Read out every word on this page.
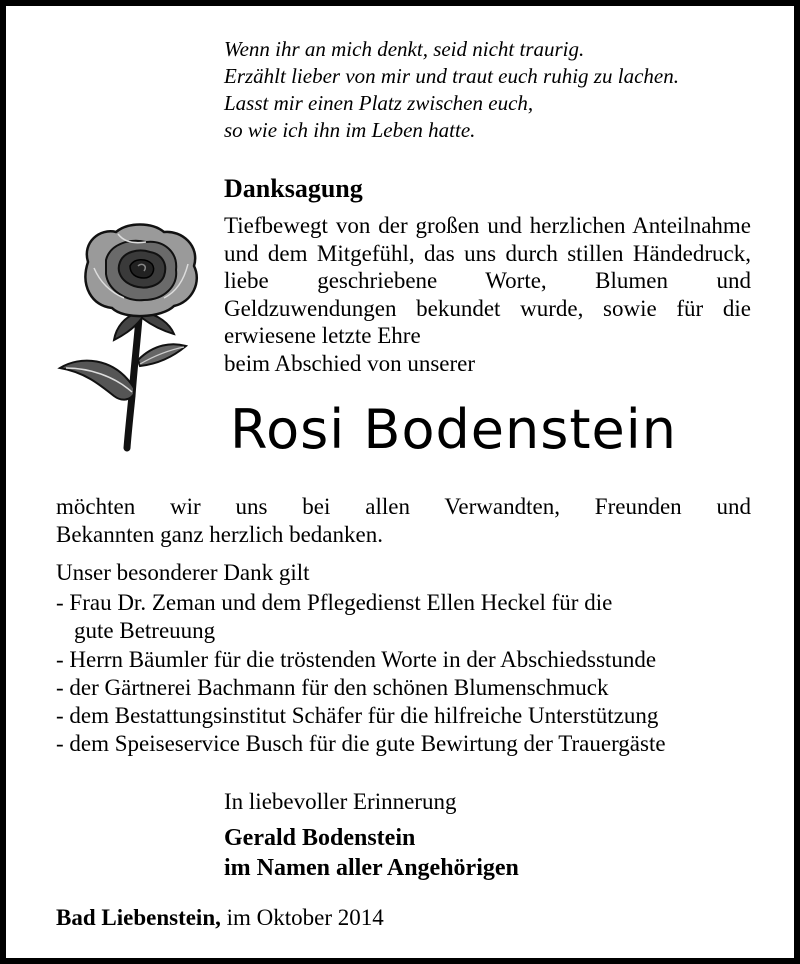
Wenn ihr an mich denkt, seid nicht traurig.
Erzählt lieber von mir und traut euch ruhig zu lachen.
Lasst mir einen Platz zwischen euch,
so wie ich ihn im Leben hatte.
Danksagung
Tiefbewegt von der großen und herzlichen Anteilnahme und dem Mitgefühl, das uns durch stillen Händedruck, liebe geschriebene Worte, Blumen und Geldzuwendungen bekundet wurde, sowie für die erwiesene letzte Ehre
beim Abschied von unserer
Rosi Bodenstein
möchten wir uns bei allen Verwandten, Freunden und
Bekannten ganz herzlich bedanken.
Unser besonderer Dank gilt
- Frau Dr. Zeman und dem Pflegedienst Ellen Heckel für die
gute Betreuung
- Herrn Bäumler für die tröstenden Worte in der Abschiedsstunde
- der Gärtnerei Bachmann für den schönen Blumenschmuck
- dem Bestattungsinstitut Schäfer für die hilfreiche Unterstützung
- dem Speiseservice Busch für die gute Bewirtung der Trauergäste
In liebevoller Erinnerung
Gerald Bodenstein
im Namen aller Angehörigen
Bad Liebenstein, im Oktober 2014
